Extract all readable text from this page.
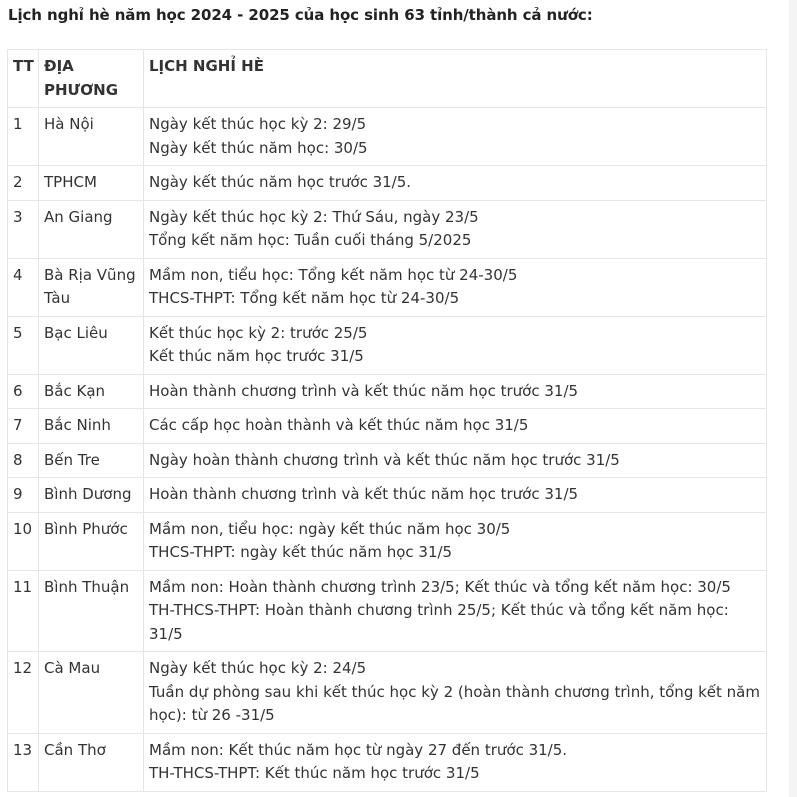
Lịch nghỉ hè năm học 2024 - 2025 của học sinh 63 tỉnh/thành cả nước:
TT	ĐỊA PHƯƠNG	LỊCH NGHỈ HÈ
1	Hà Nội	Ngày kết thúc học kỳ 2: 29/5
Ngày kết thúc năm học: 30/5

2	TPHCM	Ngày kết thúc năm học trước 31/5.

3	An Giang	Ngày kết thúc học kỳ 2: Thứ Sáu, ngày 23/5
Tổng kết năm học: Tuần cuối tháng 5/2025

4	Bà Rịa Vũng Tàu	Mầm non, tiểu học: Tổng kết năm học từ 24-30/5
THCS-THPT: Tổng kết năm học từ 24-30/5

5	Bạc Liêu	Kết thúc học kỳ 2: trước 25/5
Kết thúc năm học trước 31/5

6	Bắc Kạn	Hoàn thành chương trình và kết thúc năm học trước 31/5

7	Bắc Ninh	Các cấp học hoàn thành và kết thúc năm học 31/5

8	Bến Tre	Ngày hoàn thành chương trình và kết thúc năm học trước 31/5

9	Bình Dương	Hoàn thành chương trình và kết thúc năm học trước 31/5

10	Bình Phước	Mầm non, tiểu học: ngày kết thúc năm học 30/5
THCS-THPT: ngày kết thúc năm học 31/5

11	Bình Thuận	Mầm non: Hoàn thành chương trình 23/5; Kết thúc và tổng kết năm học: 30/5
TH-THCS-THPT: Hoàn thành chương trình 25/5; Kết thúc và tổng kết năm học: 31/5

12	Cà Mau	Ngày kết thúc học kỳ 2: 24/5
Tuần dự phòng sau khi kết thúc học kỳ 2 (hoàn thành chương trình, tổng kết năm học): từ 26 -31/5

13	Cần Thơ	Mầm non: Kết thúc năm học từ ngày 27 đến trước 31/5.
TH-THCS-THPT: Kết thúc năm học trước 31/5
